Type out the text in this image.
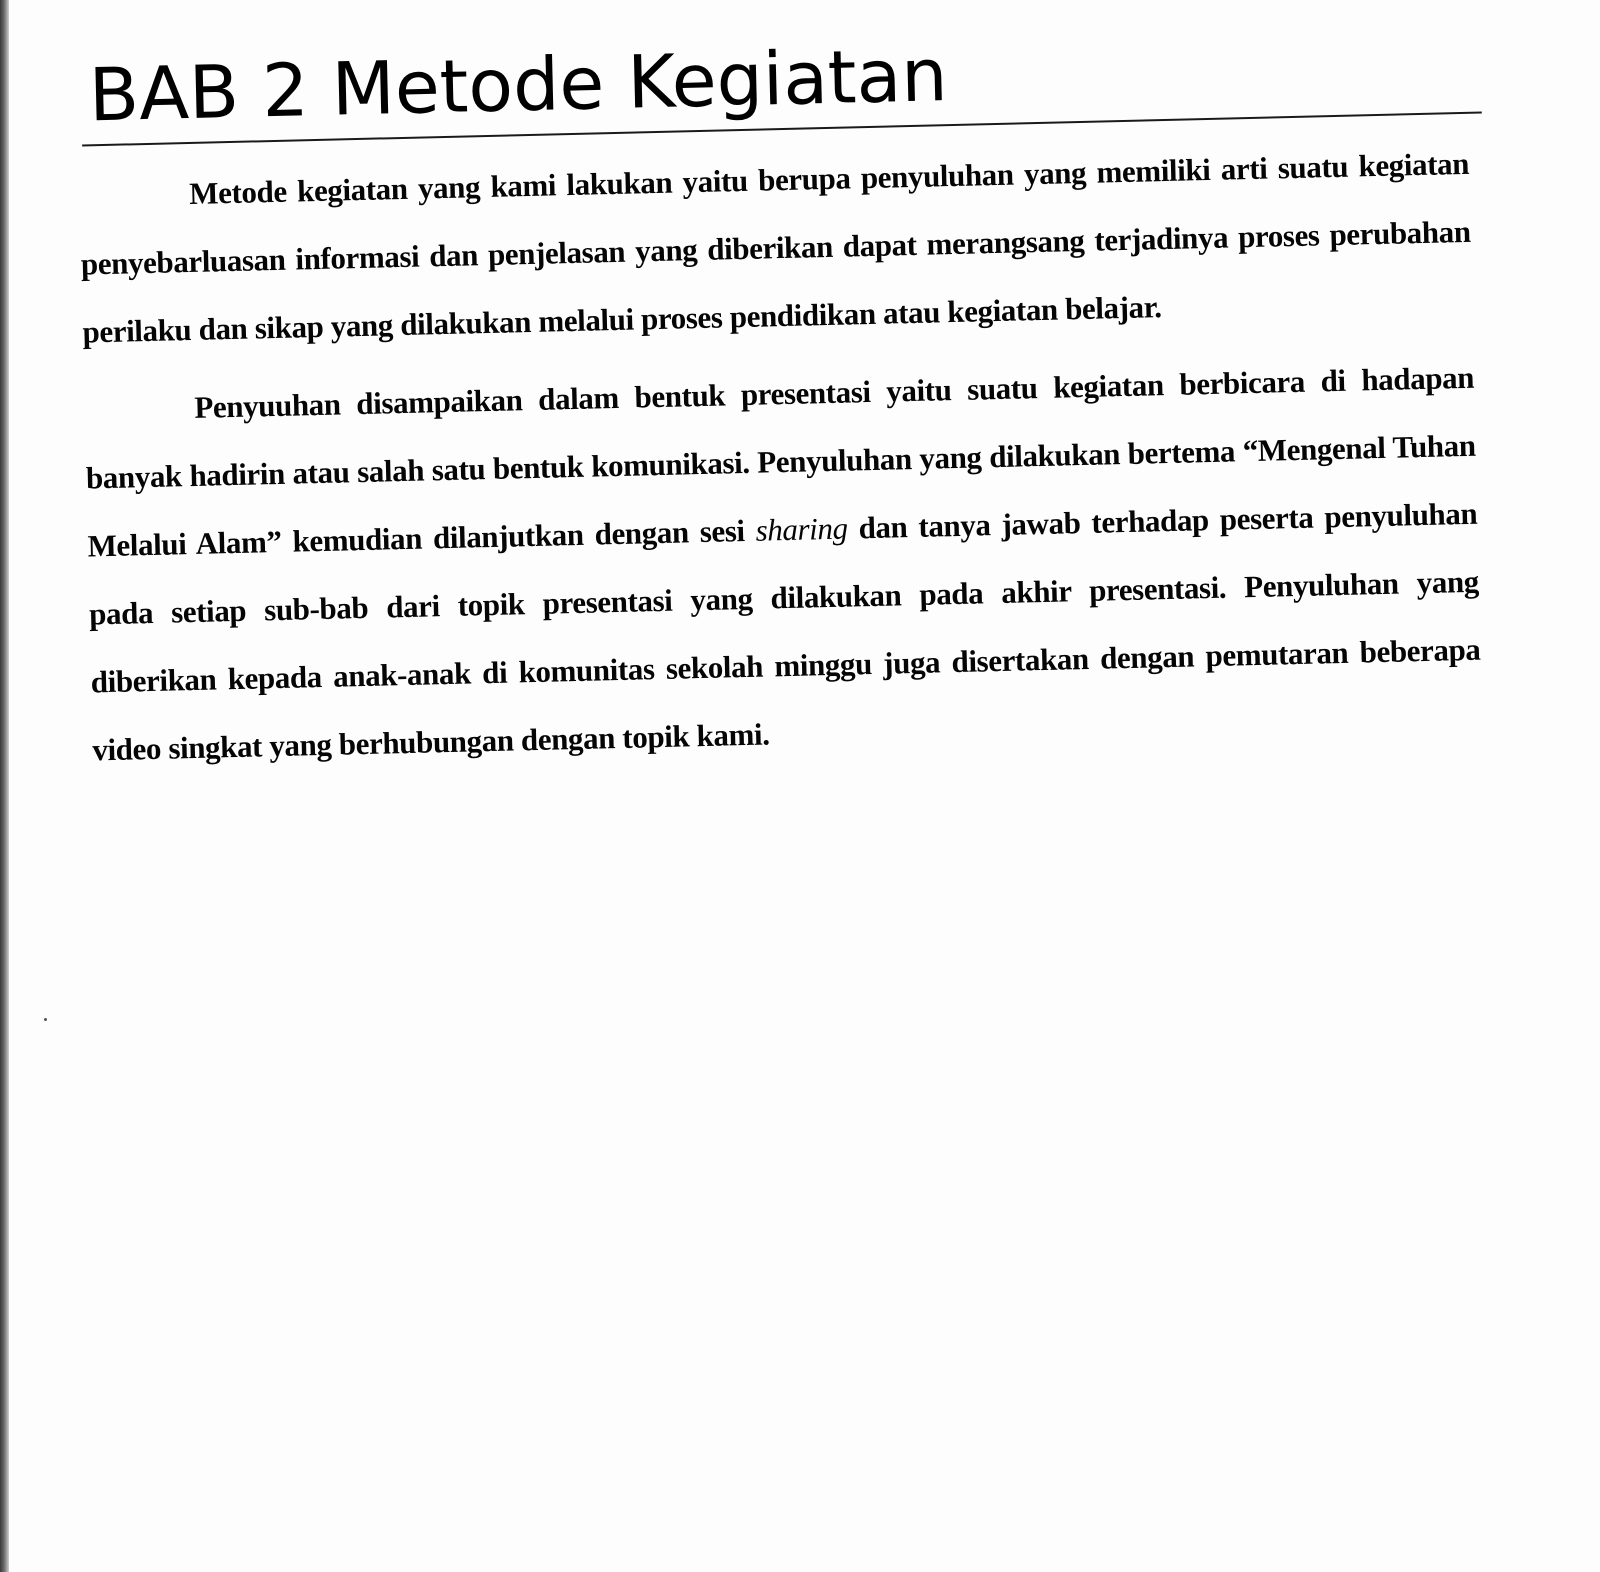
BAB 2 Metode Kegiatan

Metode kegiatan yang kami lakukan yaitu berupa penyuluhan yang memiliki arti suatu kegiatan penyebarluasan informasi dan penjelasan yang diberikan dapat merangsang terjadinya proses perubahan perilaku dan sikap yang dilakukan melalui proses pendidikan atau kegiatan belajar.

Penyuuhan disampaikan dalam bentuk presentasi yaitu suatu kegiatan berbicara di hadapan banyak hadirin atau salah satu bentuk komunikasi. Penyuluhan yang dilakukan bertema “Mengenal Tuhan Melalui Alam” kemudian dilanjutkan dengan sesi sharing dan tanya jawab terhadap peserta penyuluhan pada setiap sub-bab dari topik presentasi yang dilakukan pada akhir presentasi. Penyuluhan yang diberikan kepada anak-anak di komunitas sekolah minggu juga disertakan dengan pemutaran beberapa video singkat yang berhubungan dengan topik kami.
